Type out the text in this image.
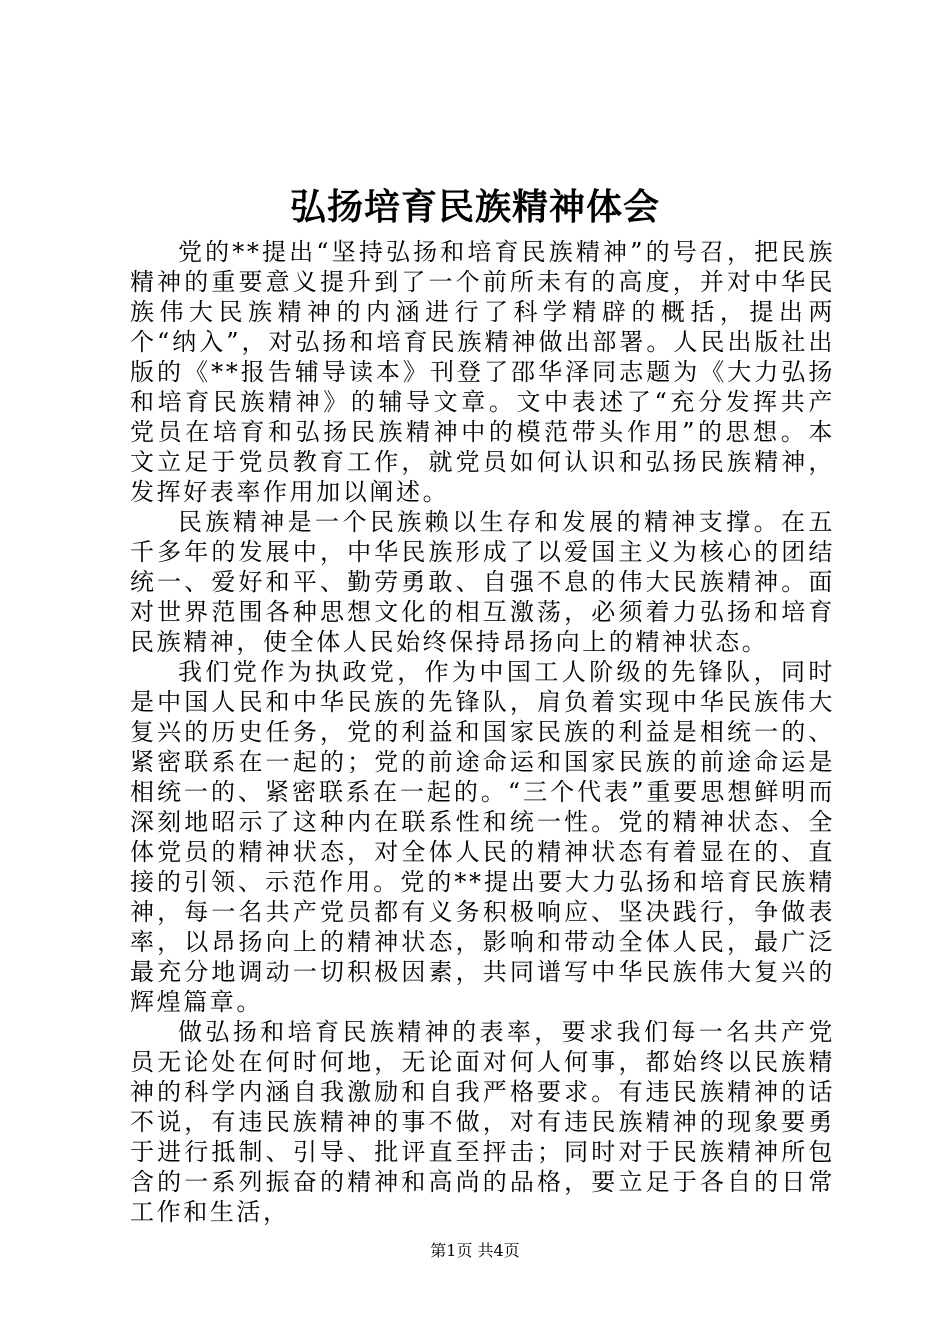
弘扬培育民族精神体会

党的**提出“坚持弘扬和培育民族精神”的号召，把民族精神的重要意义提升到了一个前所未有的高度，并对中华民族伟大民族精神的内涵进行了科学精辟的概括，提出两个“纳入”，对弘扬和培育民族精神做出部署。人民出版社出版的《**报告辅导读本》刊登了邵华泽同志题为《大力弘扬和培育民族精神》的辅导文章。文中表述了“充分发挥共产党员在培育和弘扬民族精神中的模范带头作用”的思想。本文立足于党员教育工作，就党员如何认识和弘扬民族精神，发挥好表率作用加以阐述。

民族精神是一个民族赖以生存和发展的精神支撑。在五千多年的发展中，中华民族形成了以爱国主义为核心的团结统一、爱好和平、勤劳勇敢、自强不息的伟大民族精神。面对世界范围各种思想文化的相互激荡，必须着力弘扬和培育民族精神，使全体人民始终保持昂扬向上的精神状态。

我们党作为执政党，作为中国工人阶级的先锋队，同时是中国人民和中华民族的先锋队，肩负着实现中华民族伟大复兴的历史任务，党的利益和国家民族的利益是相统一的、紧密联系在一起的；党的前途命运和国家民族的前途命运是相统一的、紧密联系在一起的。“三个代表”重要思想鲜明而深刻地昭示了这种内在联系性和统一性。党的精神状态、全体党员的精神状态，对全体人民的精神状态有着显在的、直接的引领、示范作用。党的**提出要大力弘扬和培育民族精神，每一名共产党员都有义务积极响应、坚决践行，争做表率，以昂扬向上的精神状态，影响和带动全体人民，最广泛最充分地调动一切积极因素，共同谱写中华民族伟大复兴的辉煌篇章。

做弘扬和培育民族精神的表率，要求我们每一名共产党员无论处在何时何地，无论面对何人何事，都始终以民族精神的科学内涵自我激励和自我严格要求。有违民族精神的话不说，有违民族精神的事不做，对有违民族精神的现象要勇于进行抵制、引导、批评直至抨击；同时对于民族精神所包含的一系列振奋的精神和高尚的品格，要立足于各自的日常工作和生活，

第1页 共4页
